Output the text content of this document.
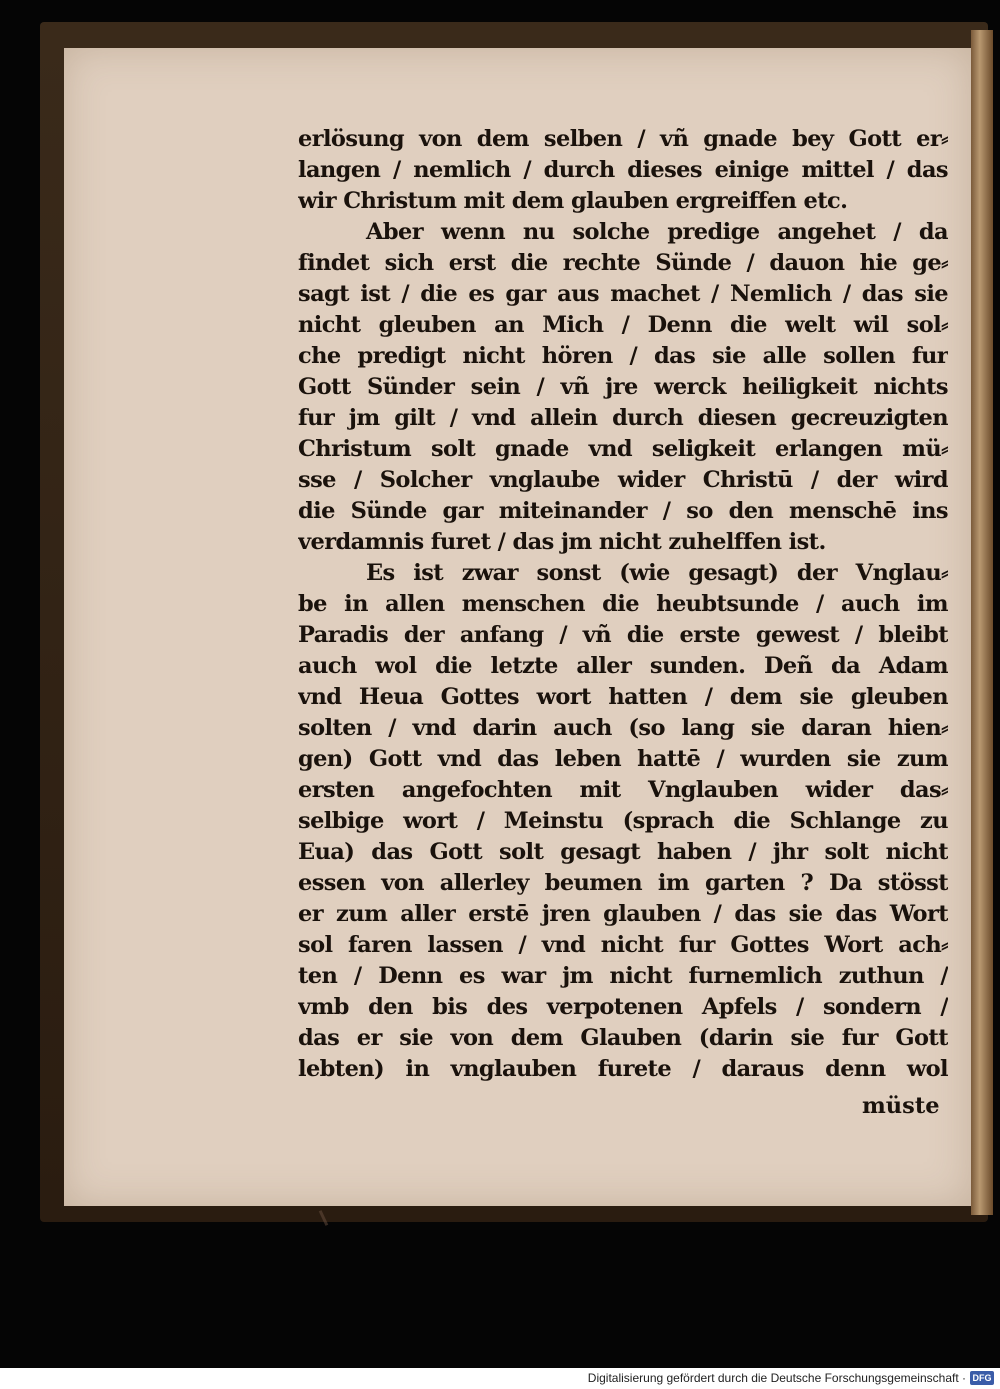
erlösung von dem selben / vñ gnade bey Gott er⸗
langen / nemlich / durch dieses einige mittel / das
wir Christum mit dem glauben ergreiffen etc.
Aber wenn nu solche predige angehet / da
findet sich erst die rechte Sünde / dauon hie ge⸗
sagt ist / die es gar aus machet / Nemlich / das sie
nicht gleuben an Mich / Denn die welt wil sol⸗
che predigt nicht hören / das sie alle sollen fur
Gott Sünder sein / vñ jre werck heiligkeit nichts
fur jm gilt / vnd allein durch diesen gecreuzigten
Christum solt gnade vnd seligkeit erlangen mü⸗
sse / Solcher vnglaube wider Christū / der wird
die Sünde gar miteinander / so den menschē ins
verdamnis furet / das jm nicht zuhelffen ist.
Es ist zwar sonst (wie gesagt) der Vnglau⸗
be in allen menschen die heubtsunde / auch im
Paradis der anfang / vñ die erste gewest / bleibt
auch wol die letzte aller sunden. Deñ da Adam
vnd Heua Gottes wort hatten / dem sie gleuben
solten / vnd darin auch (so lang sie daran hien⸗
gen) Gott vnd das leben hattē / wurden sie zum
ersten angefochten mit Vnglauben wider das⸗
selbige wort / Meinstu (sprach die Schlange zu
Eua) das Gott solt gesagt haben / jhr solt nicht
essen von allerley beumen im garten ? Da stösst
er zum aller erstē jren glauben / das sie das Wort
sol faren lassen / vnd nicht fur Gottes Wort ach⸗
ten / Denn es war jm nicht furnemlich zuthun /
vmb den bis des verpotenen Apfels / sondern /
das er sie von dem Glauben (darin sie fur Gott
lebten) in vnglauben furete / daraus denn wol
müste
Digitalisierung gefördert durch die Deutsche Forschungsgemeinschaft · DFG
